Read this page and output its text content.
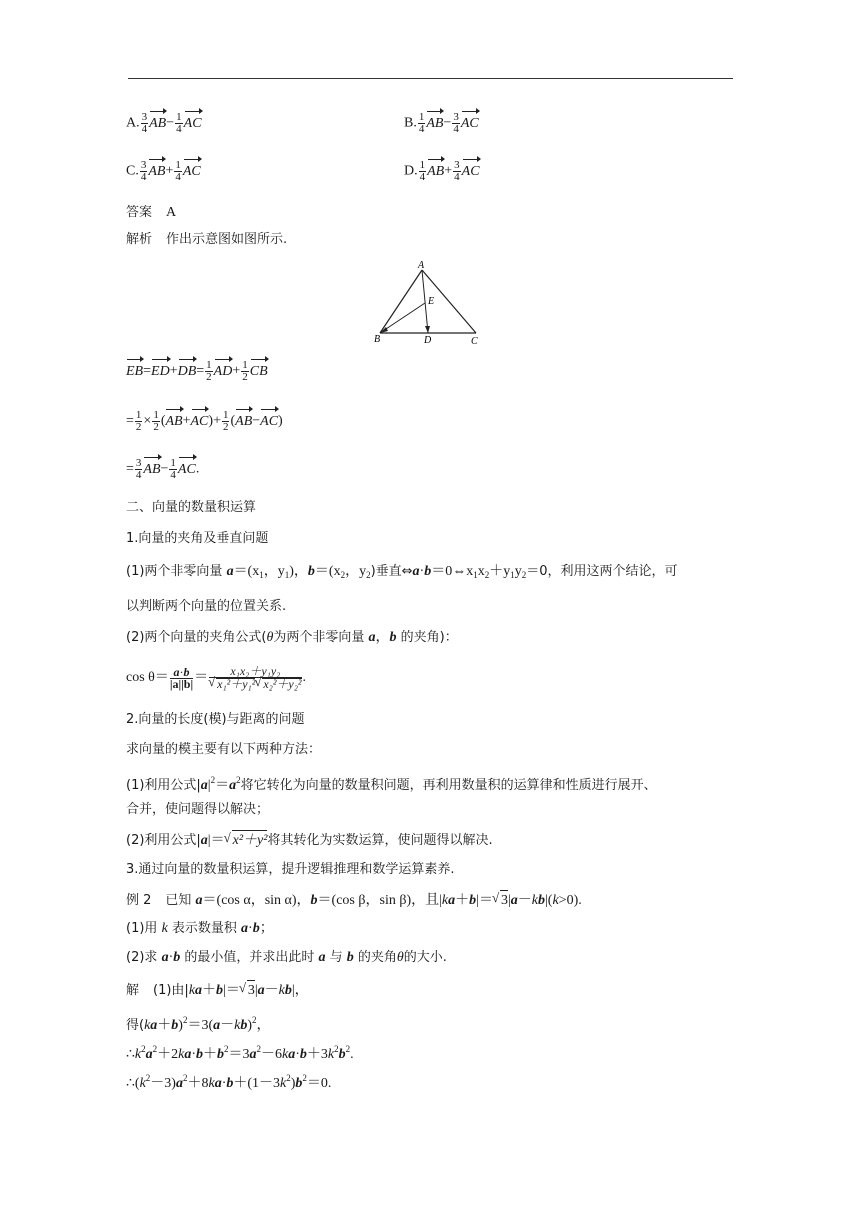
A. $\frac{3}{4} AB- \frac{1}{4}$ AC	B. $\frac{1}{4} AB- \frac{3}{4}$ AC
C. $\frac{3}{4} AB+ \frac{1}{4}$ AC	D. $\frac{1}{4} AB+ \frac{3}{4}$ AC
答案 A
解析 作出示意图如图所示.
A
B	C
D
E
$EB=ED+DB= \frac{1}{2} AD+ \frac{1}{2}$ CB
= $\frac{1}{2} \times \frac{1}{2} (AB+AC)+ \frac{1}{2} (AB-AC)$
= $\frac{3}{4} AB- \frac{1}{4}$ AC.
二、向量的数量积运算
1.向量的夹角及垂直问题
(1)两个非零向量 $a=(x_1$，$y_1$)，$b=(x_2$，$y_2$)垂直$\Leftrightarrow a\cdot b=0\Leftrightarrow x_1x_2+y_1y_2=0$，利用这两个结论，可
以判断两个向量的位置关系.
(2)两个向量的夹角公式(θ为两个非零向量 a，b 的夹角)：
$\cos \theta= \frac{a\cdot b}{|a||b|} = x_1x_2+y_1y_2$
√ x₁²＋y₁² √ x₂²＋y₂² .
2.向量的长度(模)与距离的问题
求向量的模主要有以下两种方法：
(1)利用公式$|a|^2=a^2$将它转化为向量的数量积问题，再利用数量积的运算律和性质进行展开、
合并，使问题得以解决；
(2)利用公式|a|＝ √ x²＋y²将其转化为实数运算，使问题得以解决.
3.通过向量的数量积运算，提升逻辑推理和数学运算素养.
例 2 已知 a＝(cos α，sin α)，b＝(cos β，sin β)，且|ka＋b|＝ √ 3|a－kb|(k>0).
(1)用 k 表示数量积 a·b；
(2)求 a·b 的最小值，并求出此时 a 与 b 的夹角θ的大小.
解 (1)由|ka＋b|＝ √ 3|a－kb|，
得$(ka+b)^2=3(a-kb)^2$，
$\therefore k^2a^2+2ka\cdot b+b^2=3a^2-6ka\cdot b+3k^2b^2$.
$\therefore(k^2-3)a^2+8ka\cdot b+(1-3k^2)b^2=0$.
